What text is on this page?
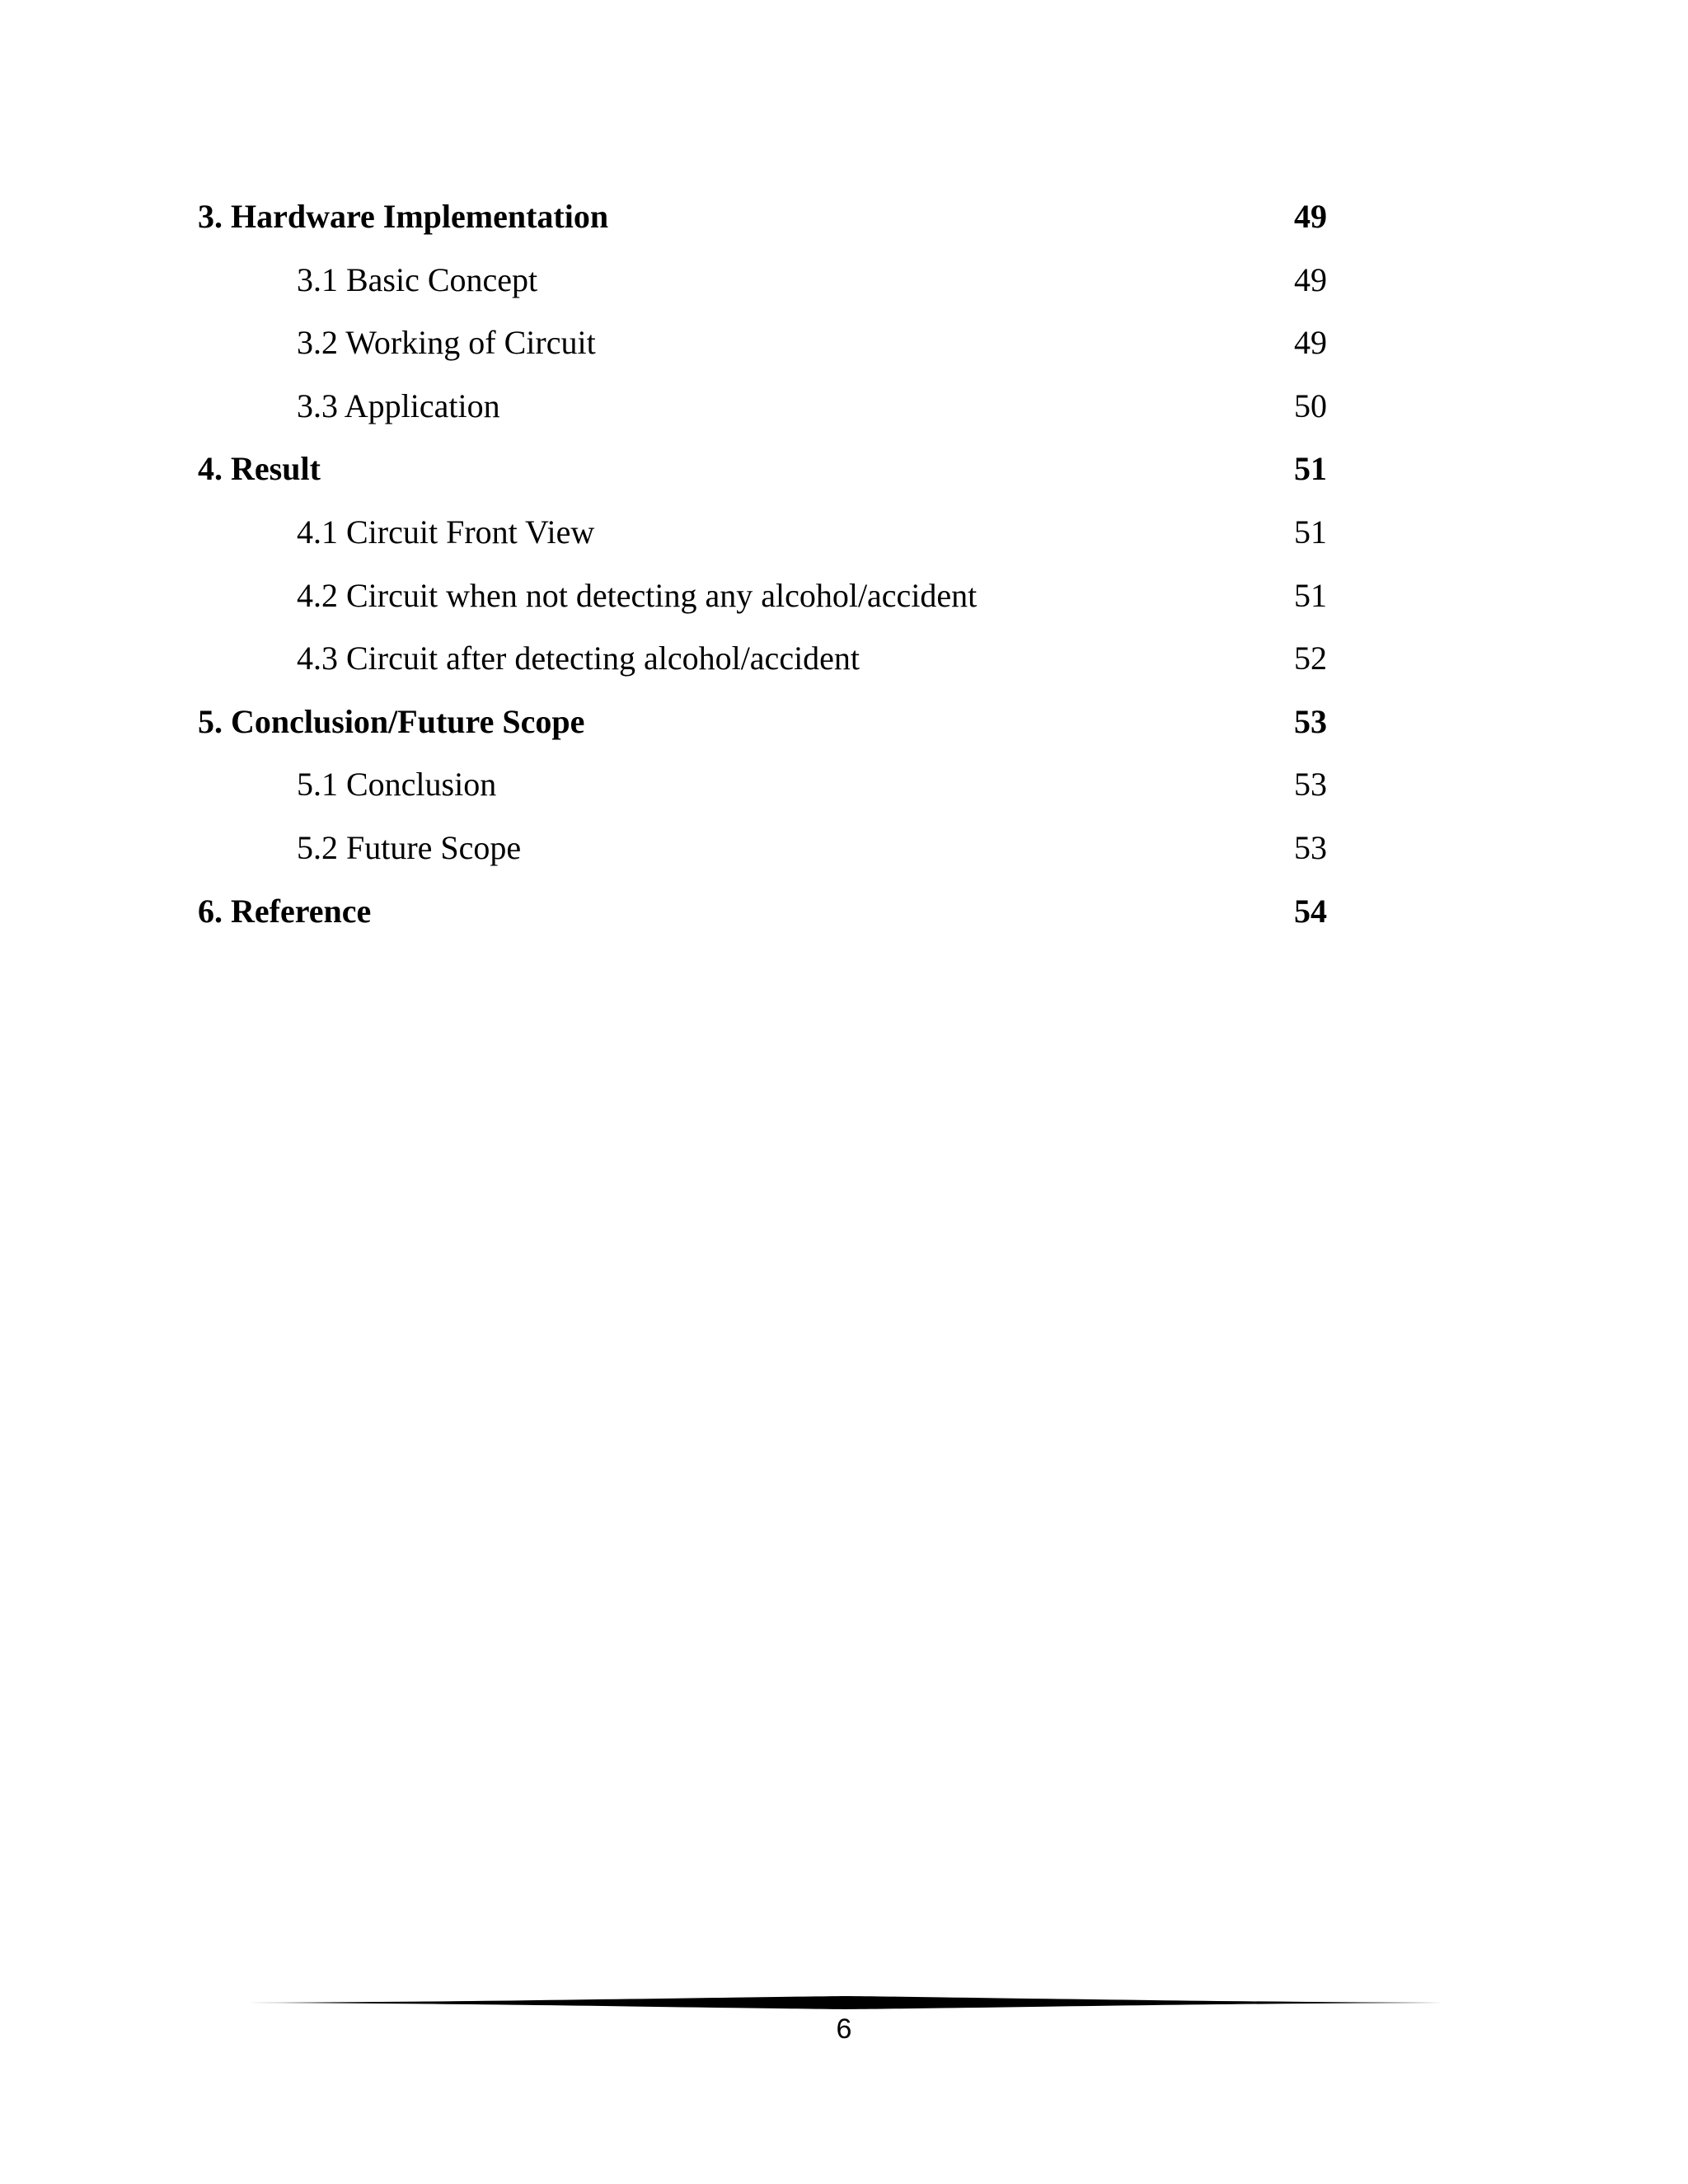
3. Hardware Implementation	49
3.1 Basic Concept	49
3.2 Working of Circuit	49
3.3 Application	50
4. Result	51
4.1 Circuit Front View	51
4.2 Circuit when not detecting any alcohol/accident	51
4.3 Circuit after detecting alcohol/accident	52
5. Conclusion/Future Scope	53
5.1 Conclusion	53
5.2 Future Scope	53
6. Reference	54
6
